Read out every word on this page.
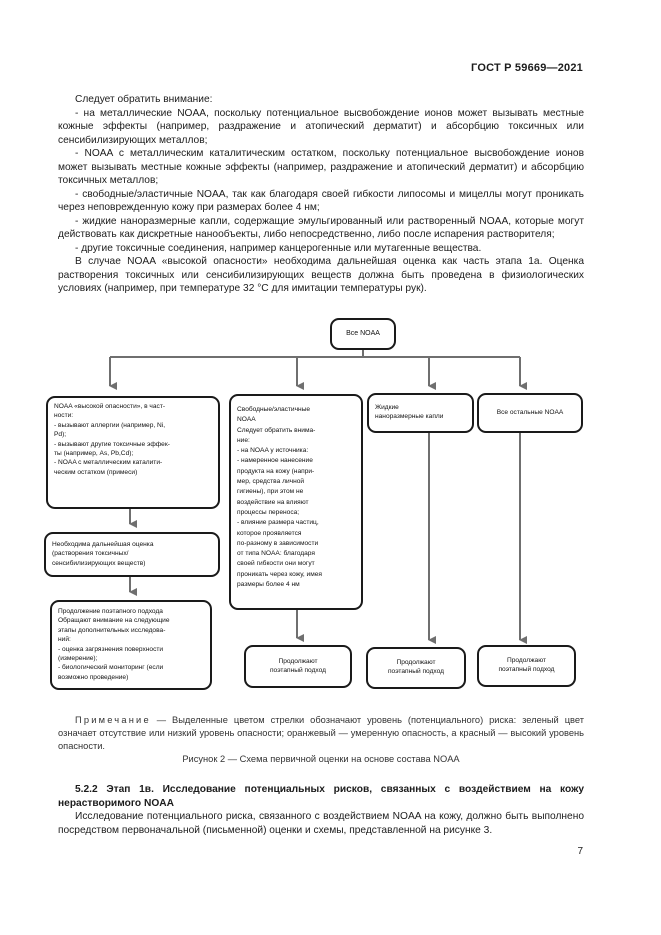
ГОСТ Р 59669—2021

Следует обратить внимание:

- на металлические NOAA, поскольку потенциальное высвобождение ионов может вызывать местные кожные эффекты (например, раздражение и атопический дерматит) и абсорбцию токсичных или сенсибилизирующих металлов;

- NOAA с металлическим каталитическим остатком, поскольку потенциальное высвобождение ионов может вызывать местные кожные эффекты (например, раздражение и атопический дерматит) и абсорбцию токсичных металлов;

- свободные/эластичные NOAA, так как благодаря своей гибкости липосомы и мицеллы могут проникать через неповрежденную кожу при размерах более 4 нм;

- жидкие наноразмерные капли, содержащие эмульгированный или растворенный NOAA, которые могут действовать как дискретные нанообъекты, либо непосредственно, либо после испарения растворителя;

- другие токсичные соединения, например канцерогенные или мутагенные вещества.

В случае NOAA «высокой опасности» необходима дальнейшая оценка как часть этапа 1а. Оценка растворения токсичных или сенсибилизирующих веществ должна быть проведена в физиологических условиях (например, при температуре 32 °С для имитации температуры рук).

Все NOAA
NOAA «высокой опасности», в част-
ности:
- вызывают аллергии (например, Ni,
Pd);
- вызывают другие токсичные эффек-
ты (например, As, Pb,Cd);
- NOAA с металлическим каталити-
ческим остатком (примеси)
Необходима дальнейшая оценка
(растворения токсичных/
сенсибилизирующих веществ)
Продолжение поэтапного подхода
Обращают внимание на следующие
этапы дополнительных исследова-
ний:
- оценка загрязнения поверхности
(измерение);
- биологический мониторинг (если
возможно проведение)
Свободные/эластичные
NOAA
Следует обратить внима-
ние:
- на NOAA у источника:
- намеренное нанесение
продукта на кожу (напри-
мер, средства личной
гигиены), при этом не
воздействие на влияют
процессы переноса;
- влияние размера частиц,
которое проявляется
по-разному в зависимости
от типа NOAA: благодаря
своей гибкости они могут
проникать через кожу, имея
размеры более 4 нм
Жидкие
наноразмерные капли
Все остальные NOAA
Продолжают
поэтапный подход
Продолжают
поэтапный подход
Продолжают
поэтапный подход
Примечание — Выделенные цветом стрелки обозначают уровень (потенциального) риска: зеленый цвет означает отсутствие или низкий уровень опасности; оранжевый — умеренную опасность, а красный — высокий уровень опасности.
Рисунок 2 — Схема первичной оценки на основе состава NOAA

5.2.2 Этап 1в. Исследование потенциальных рисков, связанных с воздействием на кожу нерастворимого NOAA

Исследование потенциального риска, связанного с воздействием NOAA на кожу, должно быть выполнено посредством первоначальной (письменной) оценки и схемы, представленной на рисунке 3.

7
